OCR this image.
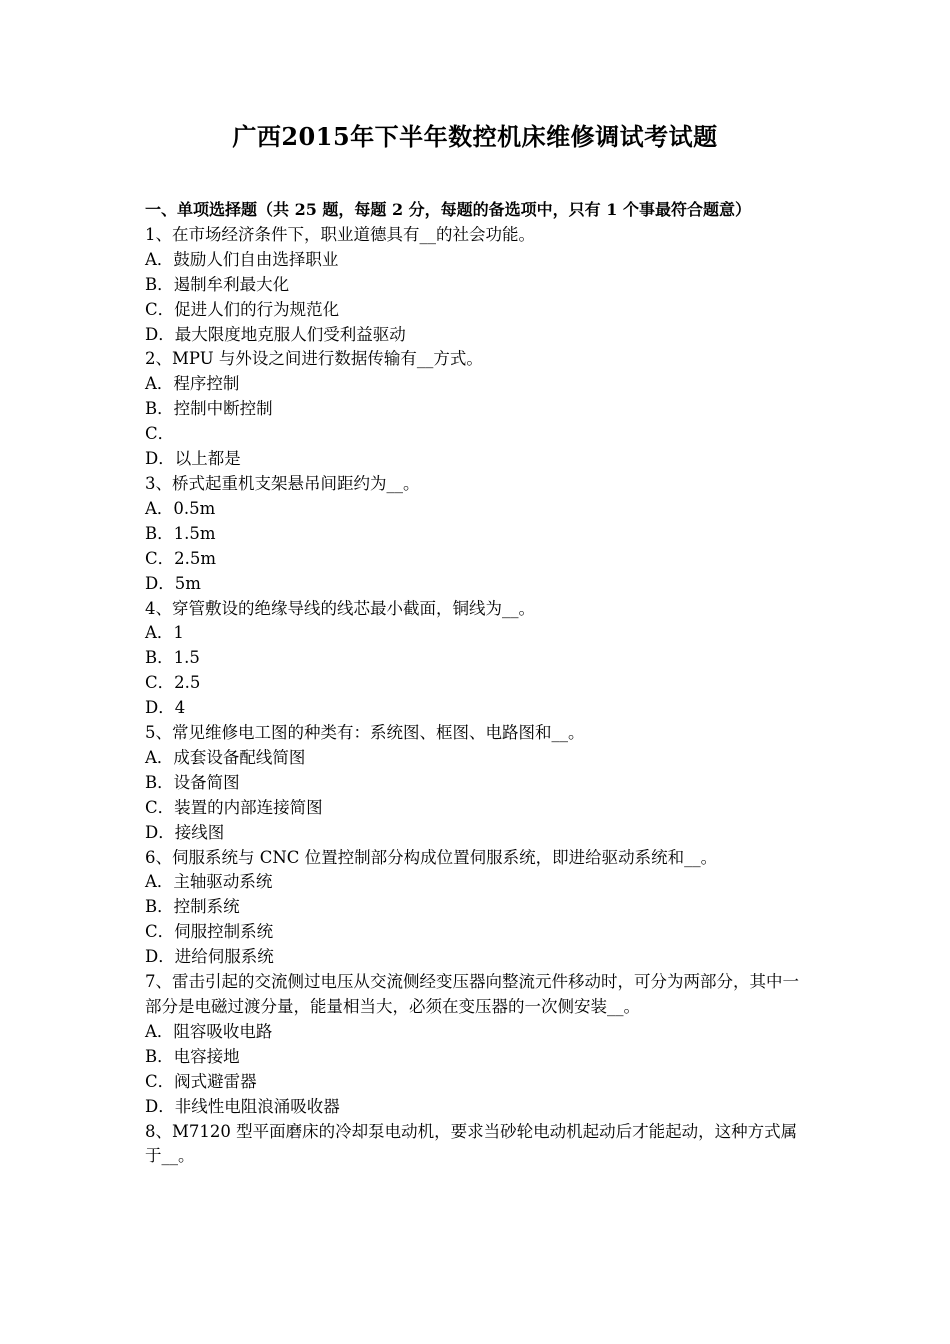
广西2015年下半年数控机床维修调试考试题
一、单项选择题（共 25 题，每题 2 分，每题的备选项中，只有 1 个事最符合题意）
1、在市场经济条件下，职业道德具有__的社会功能。
A．鼓励人们自由选择职业
B．遏制牟利最大化
C．促进人们的行为规范化
D．最大限度地克服人们受利益驱动
2、MPU 与外设之间进行数据传输有__方式。
A．程序控制
B．控制中断控制
C．
D．以上都是
3、桥式起重机支架悬吊间距约为__。
A．0.5m
B．1.5m
C．2.5m
D．5m
4、穿管敷设的绝缘导线的线芯最小截面，铜线为__。
A．1
B．1.5
C．2.5
D．4
5、常见维修电工图的种类有：系统图、框图、电路图和__。
A．成套设备配线简图
B．设备简图
C．装置的内部连接简图
D．接线图
6、伺服系统与 CNC 位置控制部分构成位置伺服系统，即进给驱动系统和__。
A．主轴驱动系统
B．控制系统
C．伺服控制系统
D．进给伺服系统
7、雷击引起的交流侧过电压从交流侧经变压器向整流元件移动时，可分为两部分，其中一部分是电磁过渡分量，能量相当大，必须在变压器的一次侧安装__。
A．阻容吸收电路
B．电容接地
C．阀式避雷器
D．非线性电阻浪涌吸收器
8、M7120 型平面磨床的冷却泵电动机，要求当砂轮电动机起动后才能起动，这种方式属于__。
